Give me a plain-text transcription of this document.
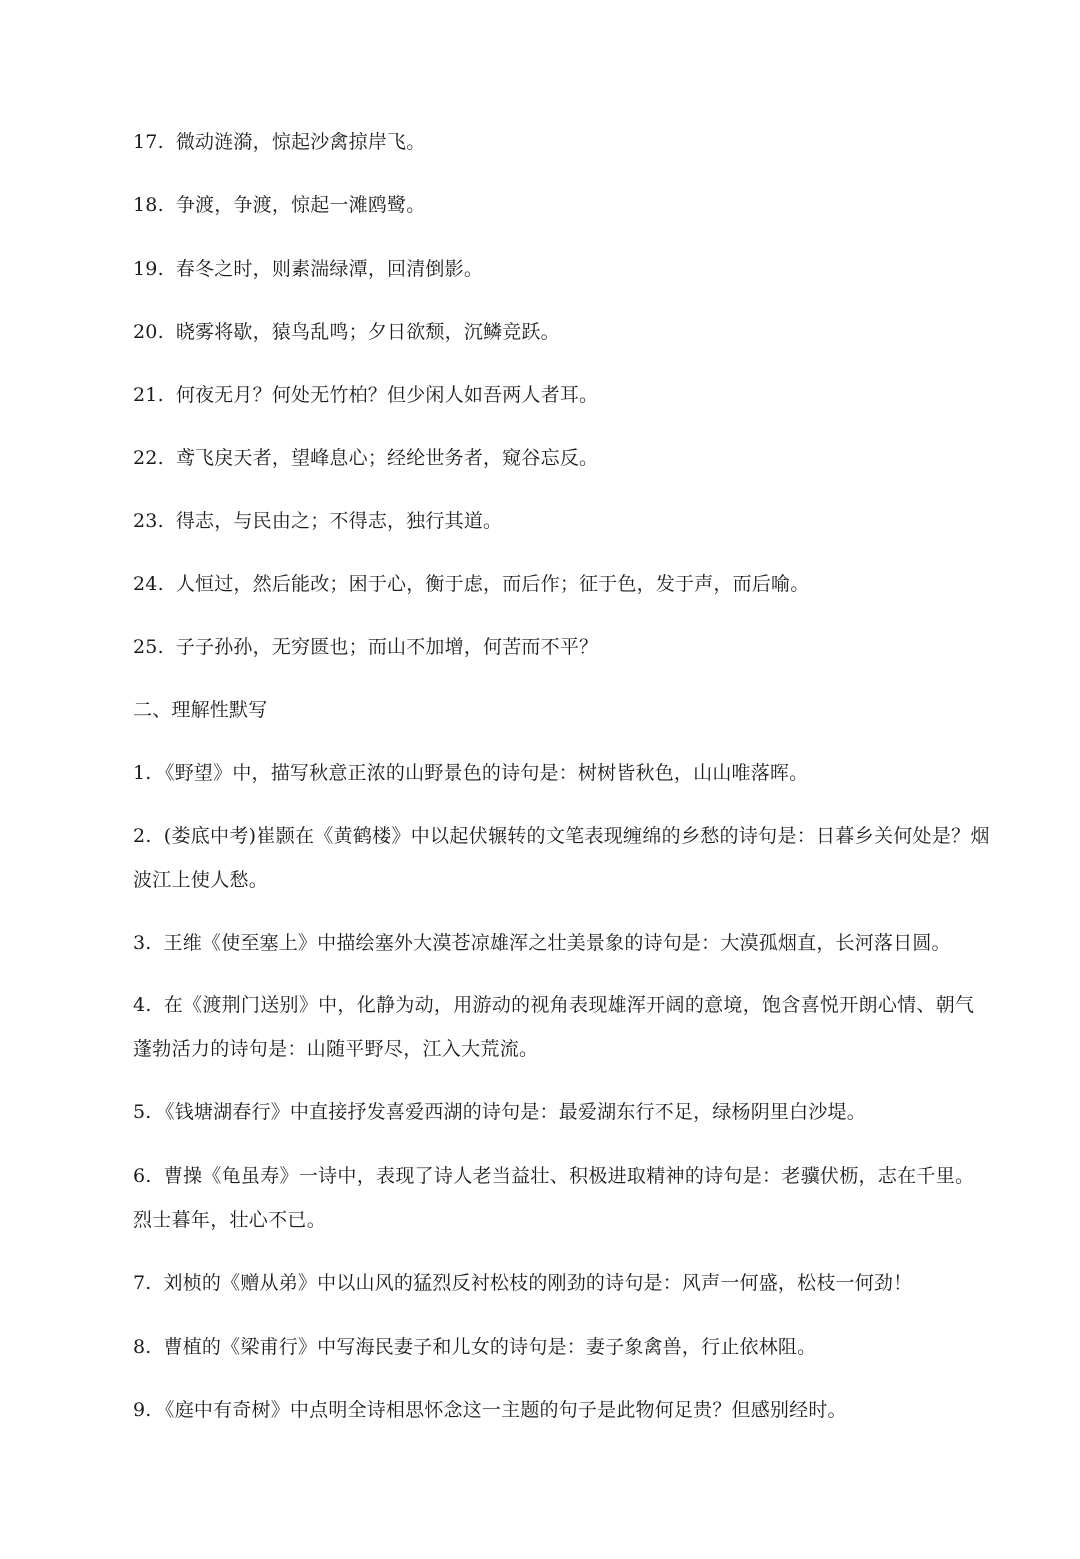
17. 微动涟漪，惊起沙禽掠岸飞。
18. 争渡，争渡，惊起一滩鸥鹭。
19. 春冬之时，则素湍绿潭，回清倒影。
20. 晓雾将歇，猿鸟乱鸣；夕日欲颓，沉鳞竞跃。
21. 何夜无月？何处无竹柏？但少闲人如吾两人者耳。
22. 鸢飞戾天者，望峰息心；经纶世务者，窥谷忘反。
23. 得志，与民由之；不得志，独行其道。
24. 人恒过，然后能改；困于心，衡于虑，而后作；征于色，发于声，而后喻。
25. 子子孙孙，无穷匮也；而山不加增，何苦而不平？
二、理解性默写
1. 《野望》中，描写秋意正浓的山野景色的诗句是：树树皆秋色，山山唯落晖。
2. (娄底中考)崔颢在《黄鹤楼》中以起伏辗转的文笔表现缠绵的乡愁的诗句是：日暮乡关何处是？烟波江上使人愁。
3. 王维《使至塞上》中描绘塞外大漠苍凉雄浑之壮美景象的诗句是：大漠孤烟直，长河落日圆。
4. 在《渡荆门送别》中，化静为动，用游动的视角表现雄浑开阔的意境，饱含喜悦开朗心情、朝气蓬勃活力的诗句是：山随平野尽，江入大荒流。
5. 《钱塘湖春行》中直接抒发喜爱西湖的诗句是：最爱湖东行不足，绿杨阴里白沙堤。
6. 曹操《龟虽寿》一诗中，表现了诗人老当益壮、积极进取精神的诗句是：老骥伏枥，志在千里。烈士暮年，壮心不已。
7. 刘桢的《赠从弟》中以山风的猛烈反衬松枝的刚劲的诗句是：风声一何盛，松枝一何劲！
8. 曹植的《梁甫行》中写海民妻子和儿女的诗句是：妻子象禽兽，行止依林阻。
9. 《庭中有奇树》中点明全诗相思怀念这一主题的句子是此物何足贵？但感别经时。
